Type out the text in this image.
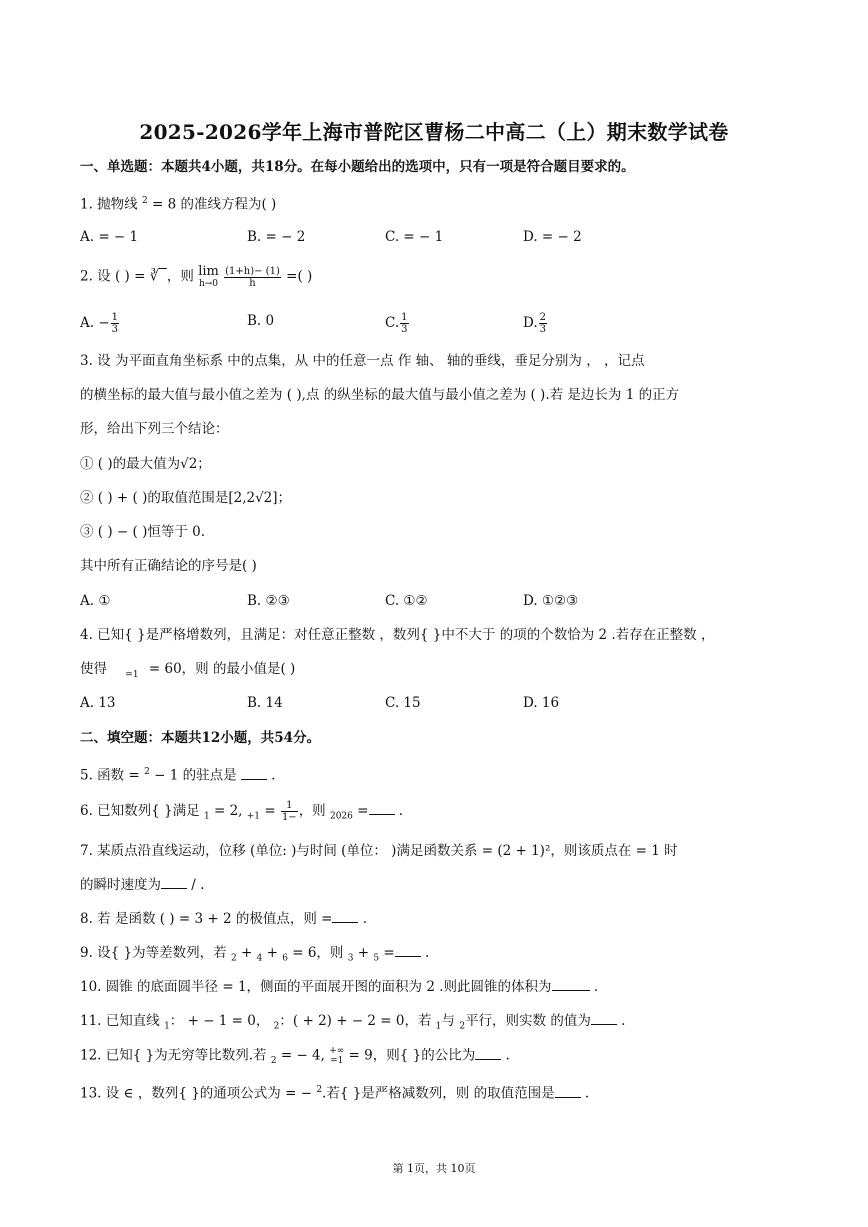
2025-2026学年上海市普陀区曹杨二中高二（上）期末数学试卷
一、单选题：本题共4小题，共18分。在每小题给出的选项中，只有一项是符合题目要求的。
1. 抛物线 $^2$ = 8 的准线方程为( )
A. = − 1	B. = − 2	C. = − 1	D. = − 2
2. 设 ( ) = ∛ ，则 lim
h→0
$\frac{(1+h)- (1)}{h}$ =( )
A. − $\frac{1}{3}$	B. 0	C. $\frac{1}{3}$	D. $\frac{2}{3}$
3. 设 为平面直角坐标系 中的点集，从 中的任意一点 作 轴、 轴的垂线，垂足分别为 ， ，记点
的横坐标的最大值与最小值之差为 ( ),点 的纵坐标的最大值与最小值之差为 ( ).若 是边长为 1 的正方
形，给出下列三个结论：
① ( )的最大值为√2；
② ( ) + ( )的取值范围是[2,2√2]；
③ ( ) − ( )恒等于 0.
其中所有正确结论的序号是( )
A. ①	B. ②③	C. ①②	D. ①②③
4. 已知{ }是严格增数列，且满足：对任意正整数 ，数列{ }中不大于 的项的个数恰为 2 .若存在正整数 ，
使得 $_{=1}$ = 60，则 的最小值是( )
A. 13	B. 14	C. 15	D. 16
二、填空题：本题共12小题，共54分。
5. 函数 = $^2$ − 1 的驻点是  .
6. 已知数列{ }满足 $_1$ = 2, $_{+1} = \frac{1}{1-}$ ，则 $_{2026}$ = .
7. 某质点沿直线运动，位移 (单位: )与时间 (单位： )满足函数关系 = (2 + 1)²，则该质点在 = 1 时
的瞬时速度为 / .
8. 若 是函数 ( ) = 3 + 2 的极值点，则 = .
9. 设{ }为等差数列，若 $_2$ + $_4$ + $_6$ = 6，则 $_3$ + $_5$ = .
10. 圆锥 的底面圆半径 = 1，侧面的平面展开图的面积为 2 .则此圆锥的体积为	.
11. 已知直线 $_1$： + − 1 = 0， $_2$：( + 2) + − 2 = 0，若 $_1$与 $_2$平行，则实数 的值为 .
12. 已知{ }为无穷等比数列.若 $_2$ = − 4, +∞
=1 = 9，则{ }的公比为 .
13. 设 ∈ ，数列{ }的通项公式为 = − $^2$.若{ }是严格减数列，则 的取值范围是 .
第 1页，共 10页
